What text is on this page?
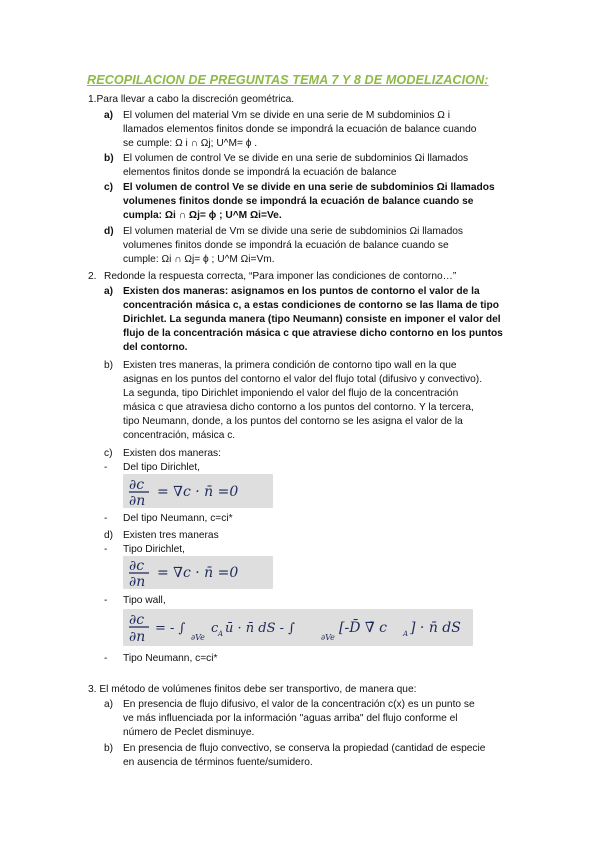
RECOPILACION DE PREGUNTAS TEMA 7 Y 8 DE MODELIZACION:
1.Para llevar a cabo la discreción geométrica.
a) El volumen del material Vm se divide en una serie de M subdominios Ω i
llamados elementos finitos donde se impondrá la ecuación de balance cuando
se cumple: Ω i ∩ Ωj; U^M= ϕ .
b) El volumen de control Ve se divide en una serie de subdominios Ωi llamados
elementos finitos donde se impondrá la ecuación de balance
c) El volumen de control Ve se divide en una serie de subdominios Ωi llamados
volumenes finitos donde se impondrá la ecuación de balance cuando se
cumpla: Ωi ∩ Ωj= ϕ ; U^M Ωi=Ve.
d) El volumen material de Vm se divide una serie de subdominios Ωi llamados
volumenes finitos donde se impondrá la ecuación de balance cuando se
cumple: Ωi ∩ Ωj= ϕ ; U^M Ωi=Vm.
2. Redonde la respuesta correcta, “Para imponer las condiciones de contorno…”
a) Existen dos maneras: asignamos en los puntos de contorno el valor de la
concentración másica c, a estas condiciones de contorno se las llama de tipo
Dirichlet. La segunda manera (tipo Neumann) consiste en imponer el valor del
flujo de la concentración másica c que atraviese dicho contorno en los puntos
del contorno.
b) Existen tres maneras, la primera condición de contorno tipo wall en la que
asignas en los puntos del contorno el valor del flujo total (difusivo y convectivo).
La segunda, tipo Dirichlet imponiendo el valor del flujo de la concentración
másica c que atraviesa dicho contorno a los puntos del contorno. Y la tercera,
tipo Neumann, donde, a los puntos del contorno se les asigna el valor de la
concentración, másica c.
c) Existen dos maneras:
- Del tipo Dirichlet,
∂c
∂n
= ∇c · n̄ =0
- Del tipo Neumann, c=ci*
d) Existen tres maneras
- Tipo Dirichlet,
∂c
∂n
= ∇c · n̄ =0
- Tipo wall,
∂c
∂n
= - ∫
∂Ve
c A ū · n̄ dS - ∫
∂Ve
[-D̄ ∇̄ c A ] · n̄ dS
- Tipo Neumann, c=ci*
3. El método de volúmenes finitos debe ser transportivo, de manera que:
a) En presencia de flujo difusivo, el valor de la concentración c(x) es un punto se
ve más influenciada por la información "aguas arriba" del flujo conforme el
número de Peclet disminuye.
b) En presencia de flujo convectivo, se conserva la propiedad (cantidad de especie
en ausencia de términos fuente/sumidero.
